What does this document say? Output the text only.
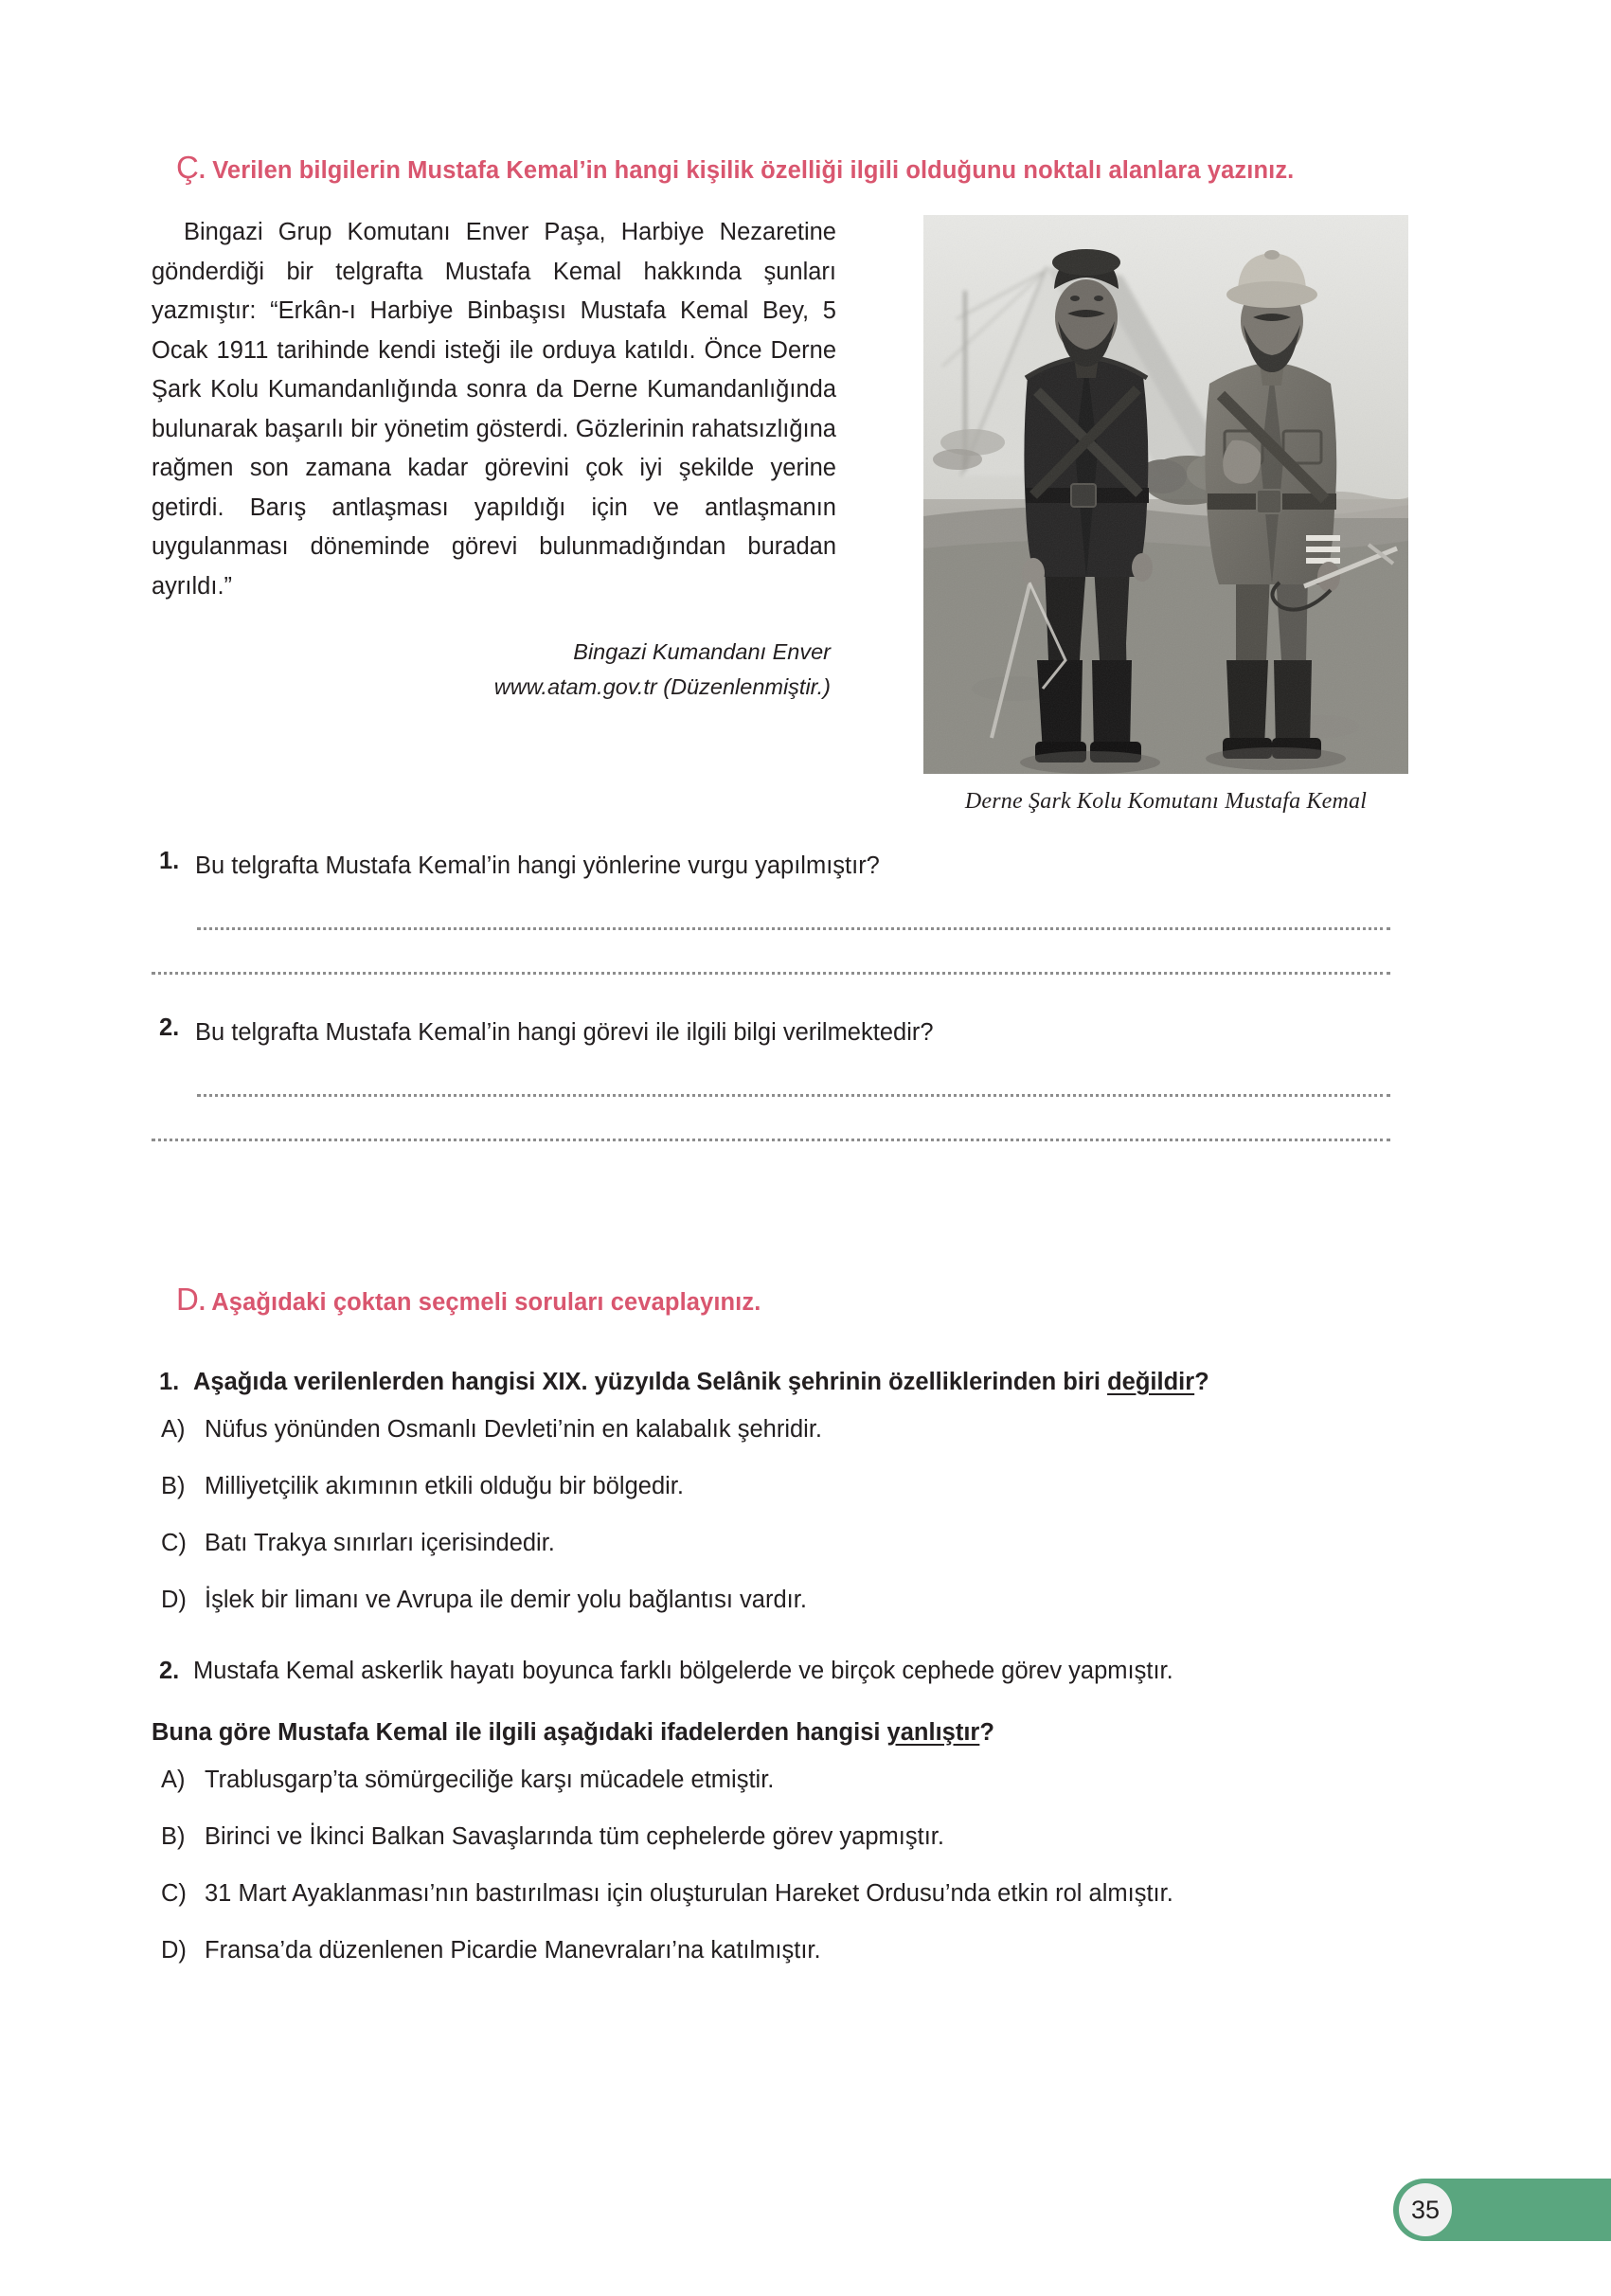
Ç. Verilen bilgilerin Mustafa Kemal’in hangi kişilik özelliği ilgili olduğunu noktalı alanlara yazınız.

Bingazi Grup Komutanı Enver Paşa, Harbiye Nezaretine gönderdiği bir telgrafta Mustafa Kemal hakkında şunları yazmıştır: “Erkân-ı Harbiye Binbaşısı Mustafa Kemal Bey, 5 Ocak 1911 tarihinde kendi isteği ile orduya katıldı. Önce Derne Şark Kolu Kumandanlığında sonra da Derne Kumandanlığında bulunarak başarılı bir yönetim gösterdi. Gözlerinin rahatsızlığına rağmen son zamana kadar görevini çok iyi şekilde yerine getirdi. Barış antlaşması yapıldığı için ve antlaşmanın uygulanması döneminde görevi bulunmadığından buradan ayrıldı.”

Bingazi Kumandanı Enver
www.atam.gov.tr (Düzenlenmiştir.)
Derne Şark Kolu Komutanı Mustafa Kemal
1. Bu telgrafta Mustafa Kemal’in hangi yönlerine vurgu yapılmıştır?
2. Bu telgrafta Mustafa Kemal’in hangi görevi ile ilgili bilgi verilmektedir?
D. Aşağıdaki çoktan seçmeli soruları cevaplayınız.

1. Aşağıda verilenlerden hangisi XIX. yüzyılda Selânik şehrinin özelliklerinden biri değildir?

A) Nüfus yönünden Osmanlı Devleti’nin en kalabalık şehridir.
B) Milliyetçilik akımının etkili olduğu bir bölgedir.
C) Batı Trakya sınırları içerisindedir.
D) İşlek bir limanı ve Avrupa ile demir yolu bağlantısı vardır.

2. Mustafa Kemal askerlik hayatı boyunca farklı bölgelerde ve birçok cephede görev yapmıştır.

Buna göre Mustafa Kemal ile ilgili aşağıdaki ifadelerden hangisi yanlıştır?

A) Trablusgarp’ta sömürgeciliğe karşı mücadele etmiştir.
B) Birinci ve İkinci Balkan Savaşlarında tüm cephelerde görev yapmıştır.
C) 31 Mart Ayaklanması’nın bastırılması için oluşturulan Hareket Ordusu’nda etkin rol almıştır.
D) Fransa’da düzenlenen Picardie Manevraları’na katılmıştır.
35
